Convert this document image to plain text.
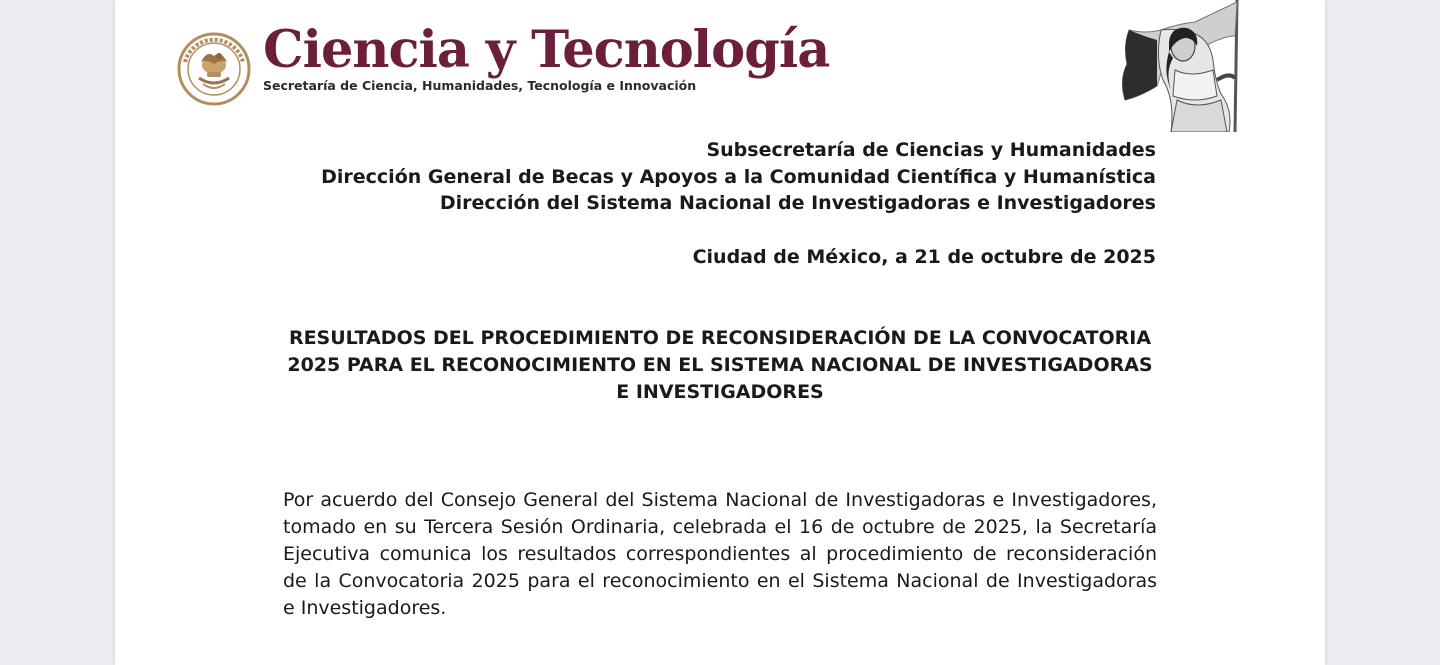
Ciencia y Tecnología
Secretaría de Ciencia, Humanidades, Tecnología e Innovación
Subsecretaría de Ciencias y Humanidades
Dirección General de Becas y Apoyos a la Comunidad Científica y Humanística
Dirección del Sistema Nacional de Investigadoras e Investigadores
Ciudad de México, a 21 de octubre de 2025
RESULTADOS DEL PROCEDIMIENTO DE RECONSIDERACIÓN DE LA CONVOCATORIA 2025 PARA EL RECONOCIMIENTO EN EL SISTEMA NACIONAL DE INVESTIGADORAS E INVESTIGADORES
Por acuerdo del Consejo General del Sistema Nacional de Investigadoras e Investigadores, tomado en su Tercera Sesión Ordinaria, celebrada el 16 de octubre de 2025, la Secretaría Ejecutiva comunica los resultados correspondientes al procedimiento de reconsideración de la Convocatoria 2025 para el reconocimiento en el Sistema Nacional de Investigadoras e Investigadores.
